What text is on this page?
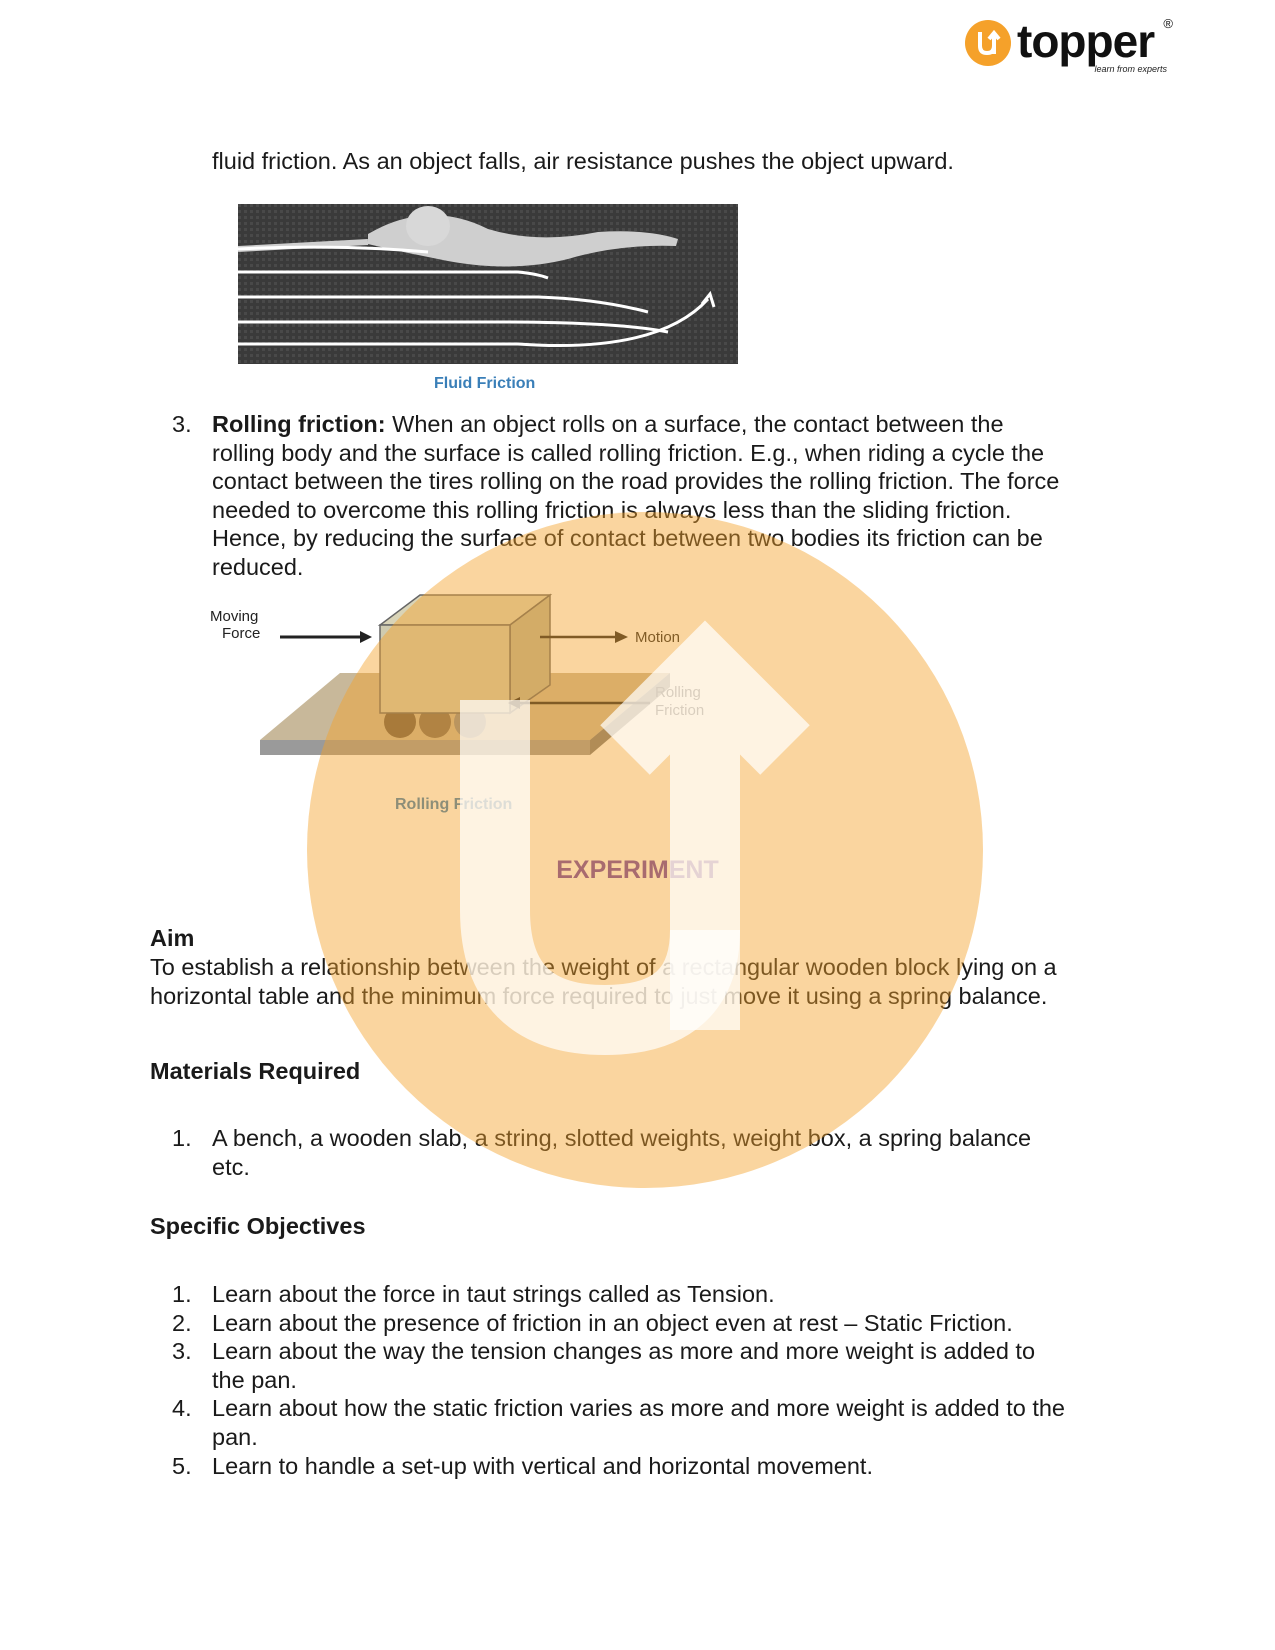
topper ®
learn from experts
fluid friction. As an object falls, air resistance pushes the object upward.
Fluid Friction
3. Rolling friction: When an object rolls on a surface, the contact between the
rolling body and the surface is called rolling friction. E.g., when riding a cycle the
contact between the tires rolling on the road provides the rolling friction. The force
needed to overcome this rolling friction is always less than the sliding friction.
Hence, by reducing the surface of contact between two bodies its friction can be
reduced.
Moving
Force	Motion
Rolling
Friction
Rolling Friction
EXPERIMENT
Aim
To establish a relationship between the weight of a rectangular wooden block lying on a
horizontal table and the minimum force required to just move it using a spring balance.
Materials Required
1. A bench, a wooden slab, a string, slotted weights, weight box, a spring balance
etc.
Specific Objectives
1. Learn about the force in taut strings called as Tension.
2. Learn about the presence of friction in an object even at rest – Static Friction.
3. Learn about the way the tension changes as more and more weight is added to
the pan.
4. Learn about how the static friction varies as more and more weight is added to the
pan.
5. Learn to handle a set-up with vertical and horizontal movement.
